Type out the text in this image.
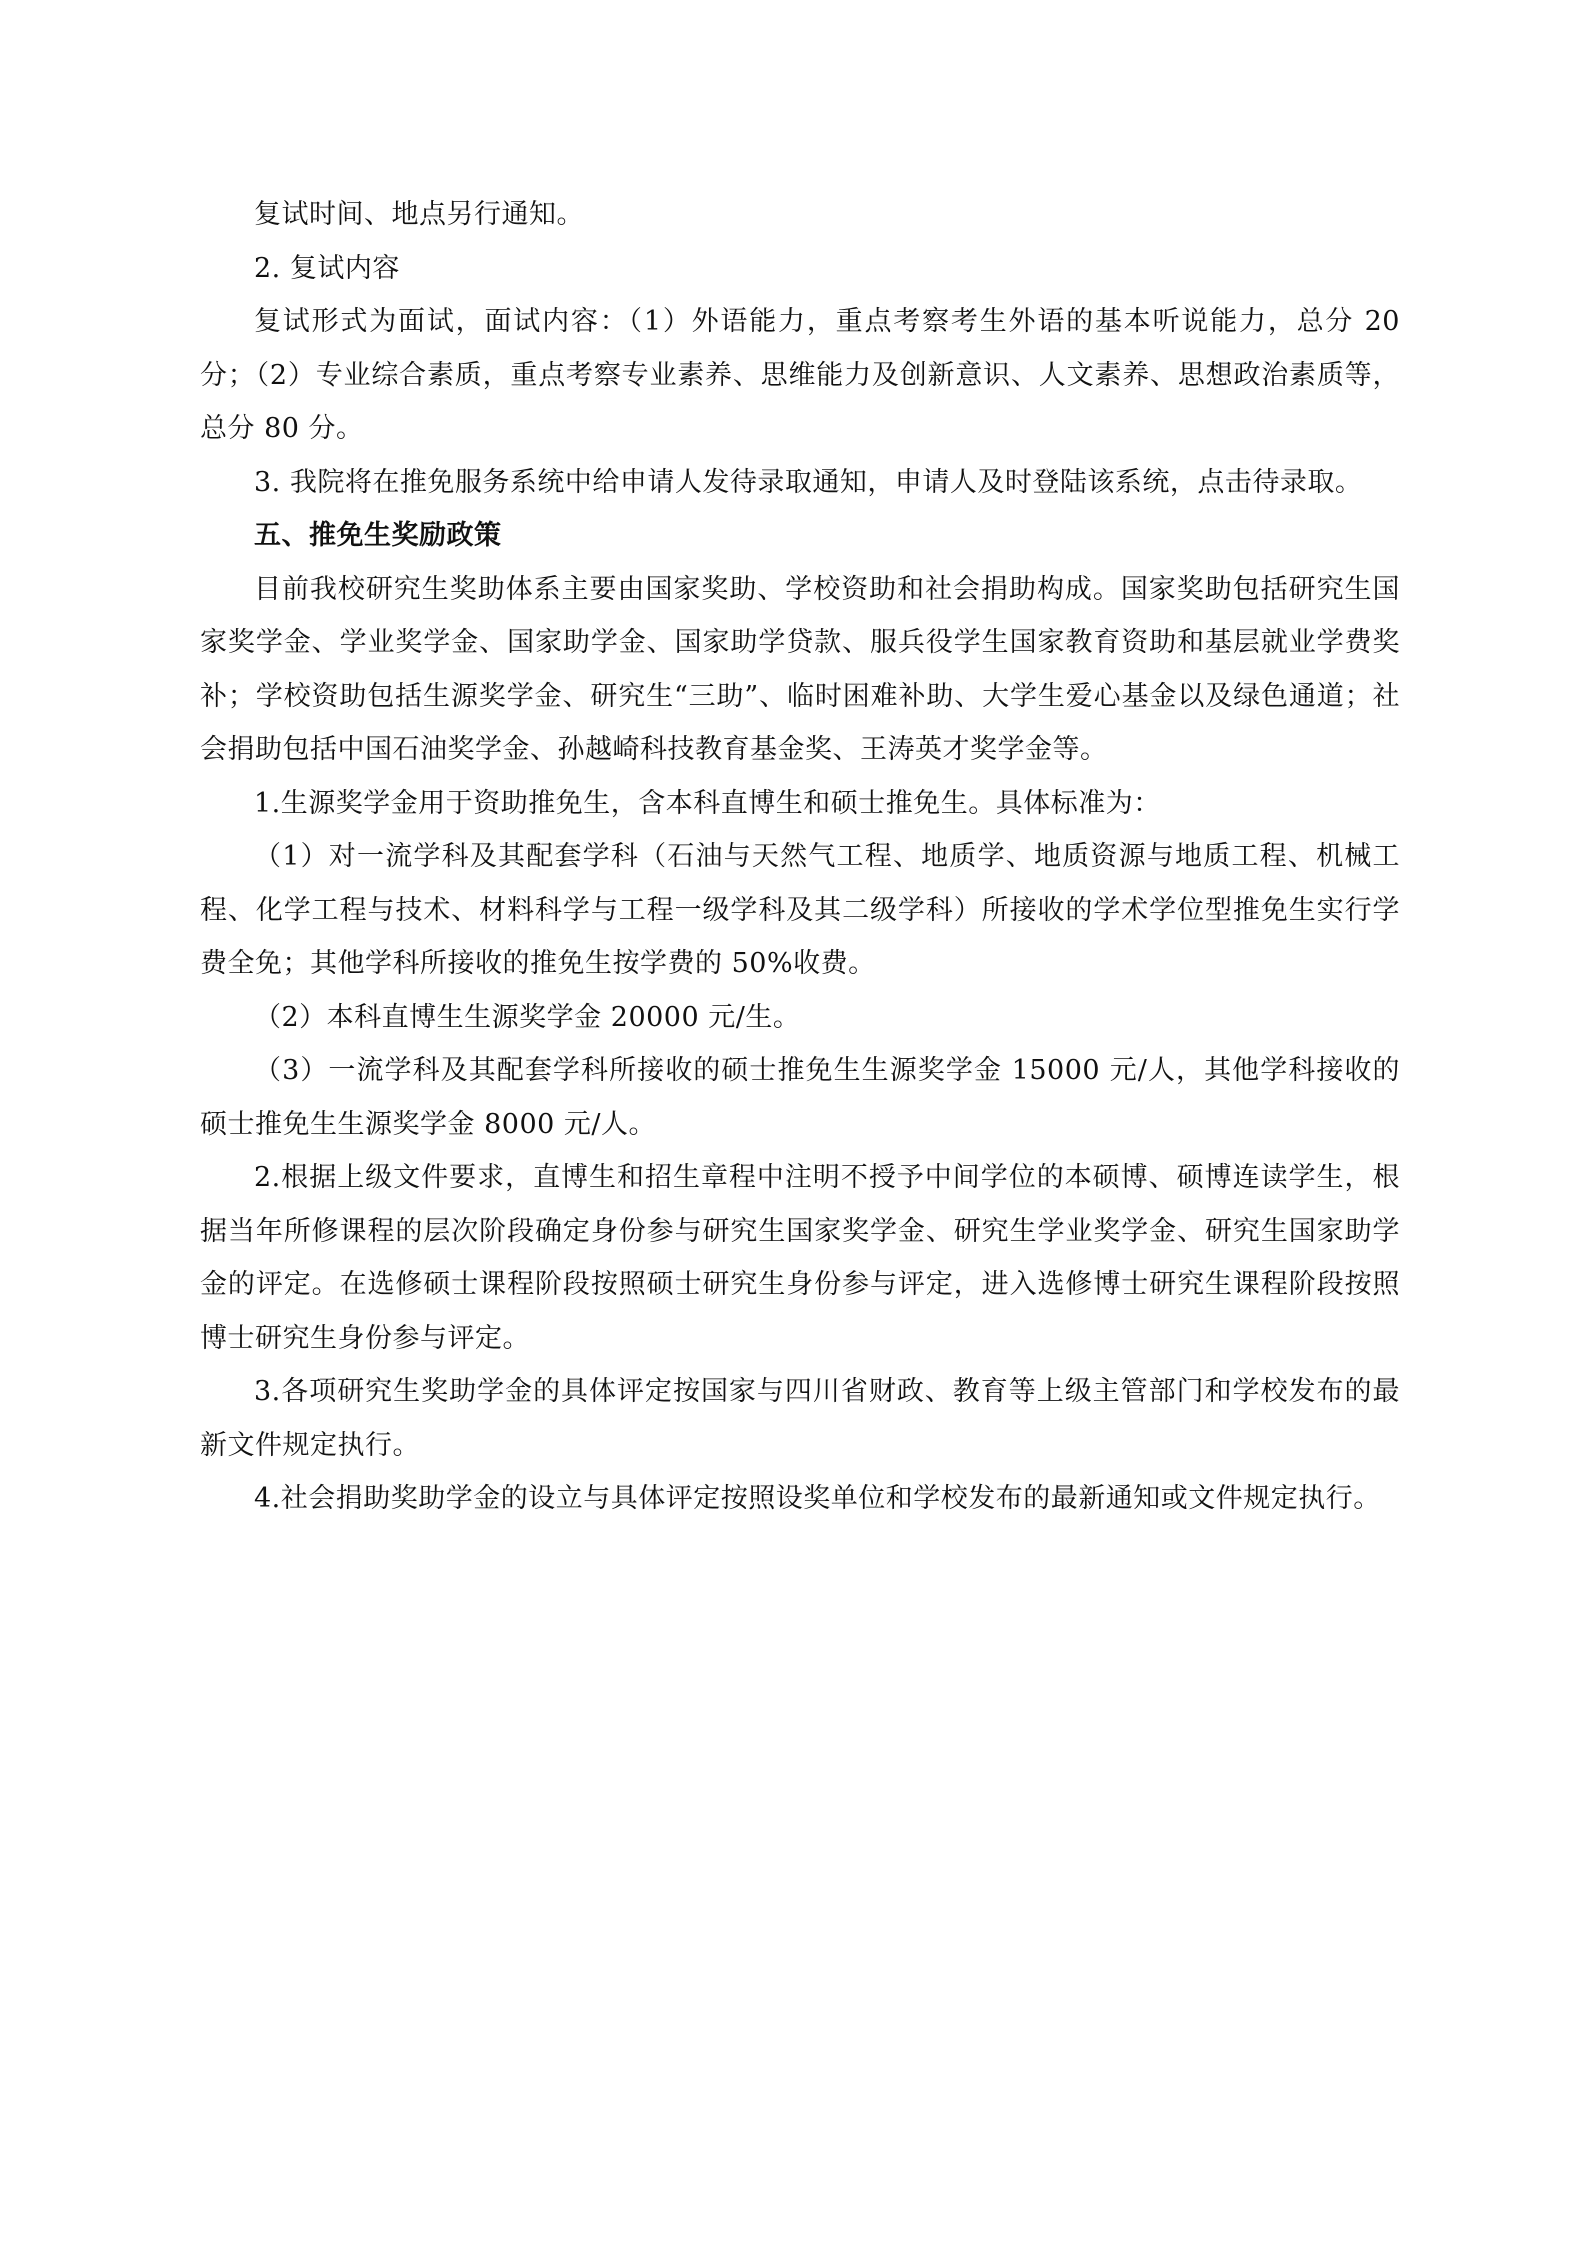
复试时间、地点另行通知。

2. 复试内容

复试形式为面试，面试内容：（1）外语能力，重点考察考生外语的基本听说能力，总分 20 分；（2）专业综合素质，重点考察专业素养、思维能力及创新意识、人文素养、思想政治素质等，总分 80 分。

3. 我院将在推免服务系统中给申请人发待录取通知，申请人及时登陆该系统，点击待录取。

五、推免生奖励政策

目前我校研究生奖助体系主要由国家奖助、学校资助和社会捐助构成。国家奖助包括研究生国家奖学金、学业奖学金、国家助学金、国家助学贷款、服兵役学生国家教育资助和基层就业学费奖补；学校资助包括生源奖学金、研究生“三助”、临时困难补助、大学生爱心基金以及绿色通道；社会捐助包括中国石油奖学金、孙越崎科技教育基金奖、王涛英才奖学金等。

1.生源奖学金用于资助推免生，含本科直博生和硕士推免生。具体标准为：

（1）对一流学科及其配套学科（石油与天然气工程、地质学、地质资源与地质工程、机械工程、化学工程与技术、材料科学与工程一级学科及其二级学科）所接收的学术学位型推免生实行学费全免；其他学科所接收的推免生按学费的 50%收费。

（2）本科直博生生源奖学金 20000 元/生。

（3）一流学科及其配套学科所接收的硕士推免生生源奖学金 15000 元/人，其他学科接收的硕士推免生生源奖学金 8000 元/人。

2.根据上级文件要求，直博生和招生章程中注明不授予中间学位的本硕博、硕博连读学生，根据当年所修课程的层次阶段确定身份参与研究生国家奖学金、研究生学业奖学金、研究生国家助学金的评定。在选修硕士课程阶段按照硕士研究生身份参与评定，进入选修博士研究生课程阶段按照博士研究生身份参与评定。

3.各项研究生奖助学金的具体评定按国家与四川省财政、教育等上级主管部门和学校发布的最新文件规定执行。

4.社会捐助奖助学金的设立与具体评定按照设奖单位和学校发布的最新通知或文件规定执行。
